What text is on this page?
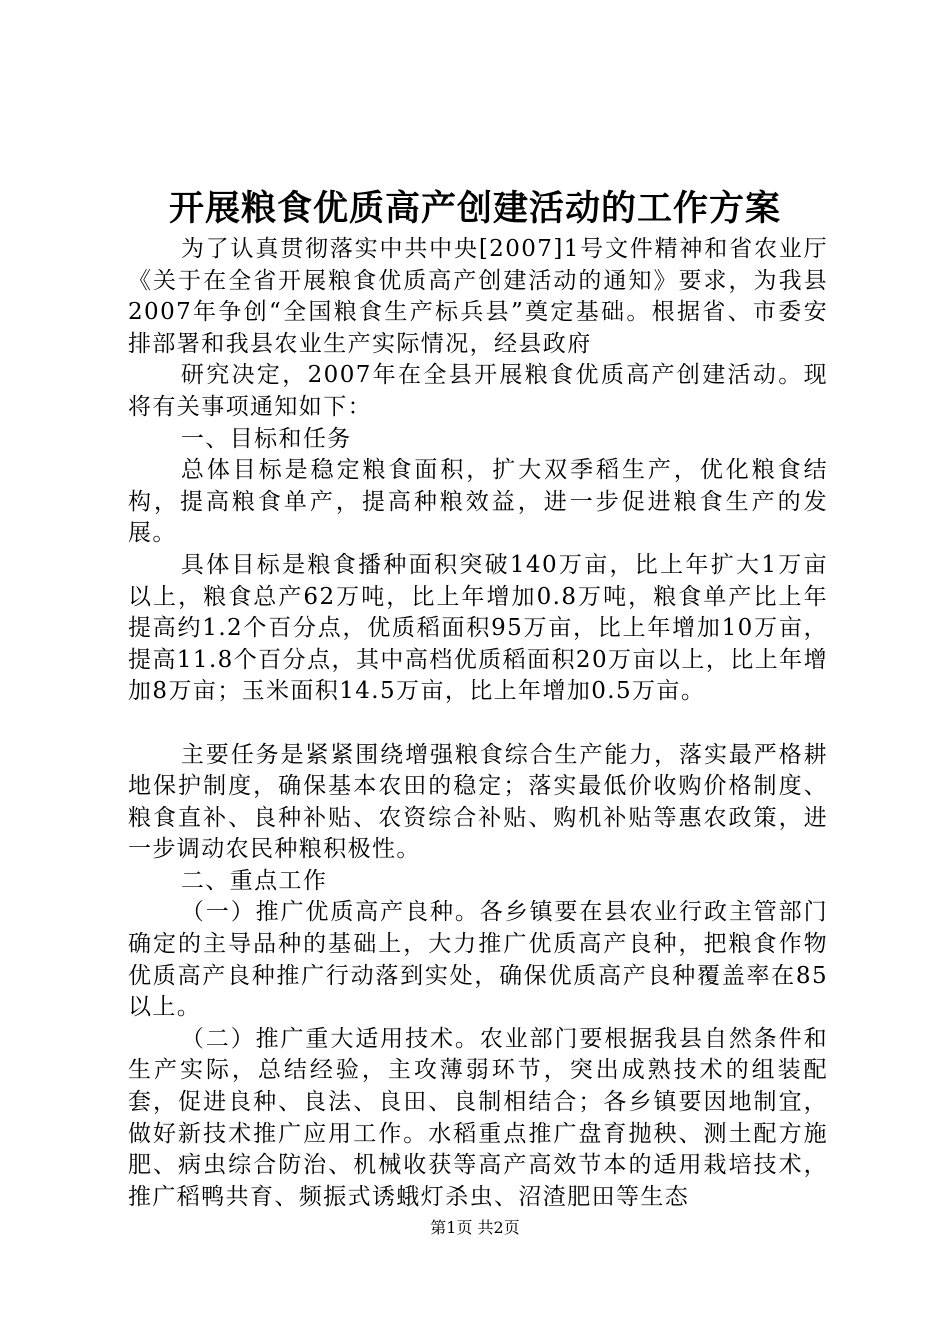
开展粮食优质高产创建活动的工作方案

为了认真贯彻落实中共中央[2007]1号文件精神和省农业厅《关于在全省开展粮食优质高产创建活动的通知》要求，为我县2007年争创“全国粮食生产标兵县”奠定基础。根据省、市委安排部署和我县农业生产实际情况，经县政府

研究决定，2007年在全县开展粮食优质高产创建活动。现将有关事项通知如下：

一、目标和任务

总体目标是稳定粮食面积，扩大双季稻生产，优化粮食结构，提高粮食单产，提高种粮效益，进一步促进粮食生产的发展。

具体目标是粮食播种面积突破140万亩，比上年扩大1万亩以上，粮食总产62万吨，比上年增加0.8万吨，粮食单产比上年提高约1.2个百分点，优质稻面积95万亩，比上年增加10万亩，提高11.8个百分点，其中高档优质稻面积20万亩以上，比上年增加8万亩；玉米面积14.5万亩，比上年增加0.5万亩。

主要任务是紧紧围绕增强粮食综合生产能力，落实最严格耕地保护制度，确保基本农田的稳定；落实最低价收购价格制度、粮食直补、良种补贴、农资综合补贴、购机补贴等惠农政策，进一步调动农民种粮积极性。

二、重点工作

（一）推广优质高产良种。各乡镇要在县农业行政主管部门确定的主导品种的基础上，大力推广优质高产良种，把粮食作物优质高产良种推广行动落到实处，确保优质高产良种覆盖率在85以上。

（二）推广重大适用技术。农业部门要根据我县自然条件和生产实际，总结经验，主攻薄弱环节，突出成熟技术的组装配套，促进良种、良法、良田、良制相结合；各乡镇要因地制宜，做好新技术推广应用工作。水稻重点推广盘育抛秧、测土配方施肥、病虫综合防治、机械收获等高产高效节本的适用栽培技术，推广稻鸭共育、频振式诱蛾灯杀虫、沼渣肥田等生态

第1页 共2页
